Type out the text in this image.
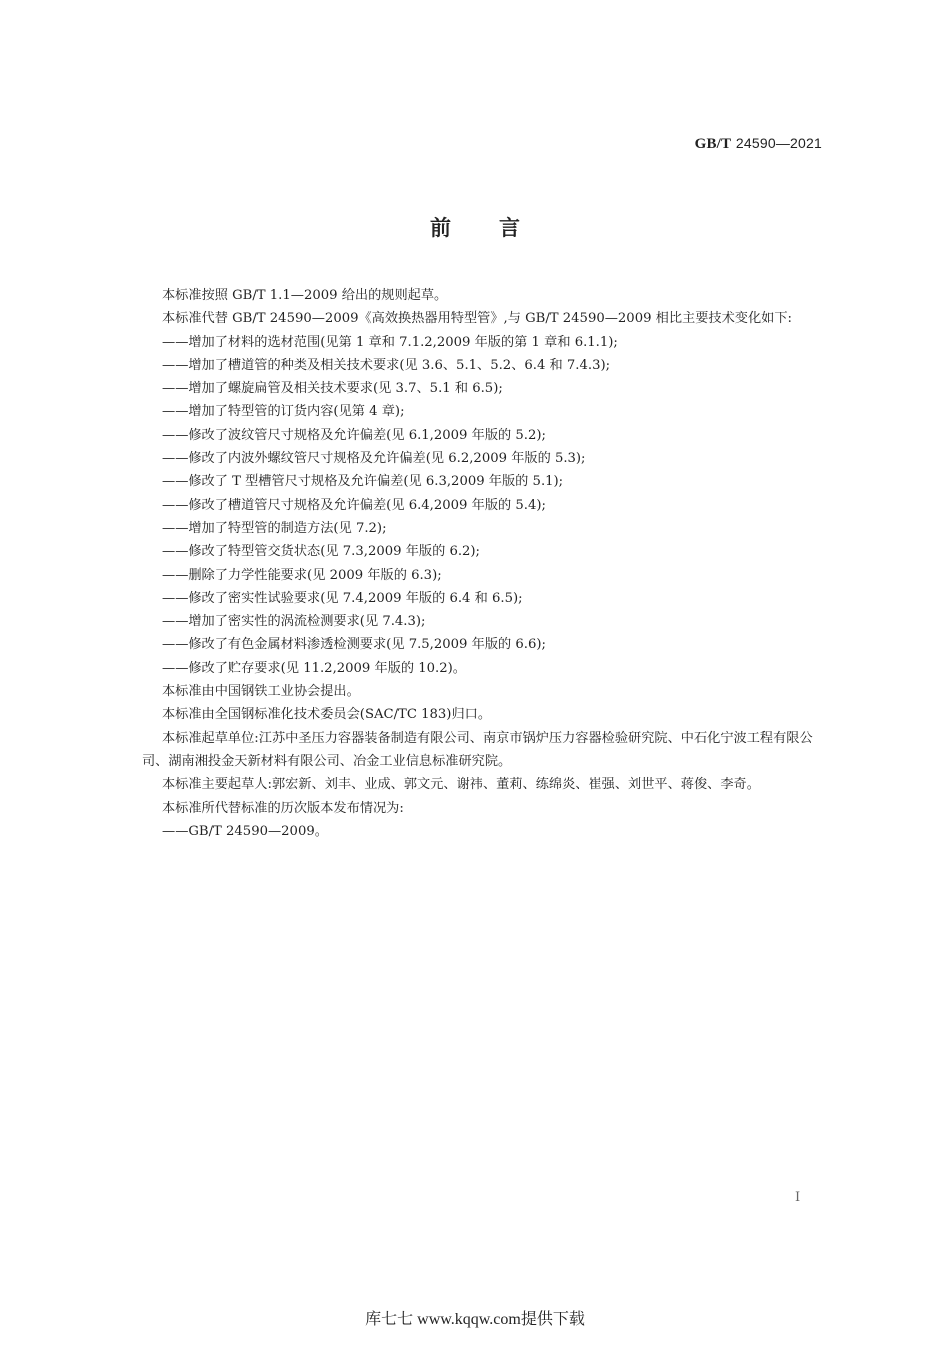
GB/T 24590—2021
前言

本标准按照 GB/T 1.1—2009 给出的规则起草。

本标准代替 GB/T 24590—2009《高效换热器用特型管》,与 GB/T 24590—2009 相比主要技术变化如下:

——增加了材料的选材范围(见第 1 章和 7.1.2,2009 年版的第 1 章和 6.1.1);

——增加了槽道管的种类及相关技术要求(见 3.6、5.1、5.2、6.4 和 7.4.3);

——增加了螺旋扁管及相关技术要求(见 3.7、5.1 和 6.5);

——增加了特型管的订货内容(见第 4 章);

——修改了波纹管尺寸规格及允许偏差(见 6.1,2009 年版的 5.2);

——修改了内波外螺纹管尺寸规格及允许偏差(见 6.2,2009 年版的 5.3);

——修改了 T 型槽管尺寸规格及允许偏差(见 6.3,2009 年版的 5.1);

——修改了槽道管尺寸规格及允许偏差(见 6.4,2009 年版的 5.4);

——增加了特型管的制造方法(见 7.2);

——修改了特型管交货状态(见 7.3,2009 年版的 6.2);

——删除了力学性能要求(见 2009 年版的 6.3);

——修改了密实性试验要求(见 7.4,2009 年版的 6.4 和 6.5);

——增加了密实性的涡流检测要求(见 7.4.3);

——修改了有色金属材料渗透检测要求(见 7.5,2009 年版的 6.6);

——修改了贮存要求(见 11.2,2009 年版的 10.2)。

本标准由中国钢铁工业协会提出。

本标准由全国钢标准化技术委员会(SAC/TC 183)归口。

本标准起草单位:江苏中圣压力容器装备制造有限公司、南京市锅炉压力容器检验研究院、中石化宁波工程有限公司、湖南湘投金天新材料有限公司、冶金工业信息标准研究院。

本标准主要起草人:郭宏新、刘丰、业成、郭文元、谢祎、董莉、练绵炎、崔强、刘世平、蒋俊、李奇。

本标准所代替标准的历次版本发布情况为:

——GB/T 24590—2009。

I
库七七 www.kqqw.com提供下载
